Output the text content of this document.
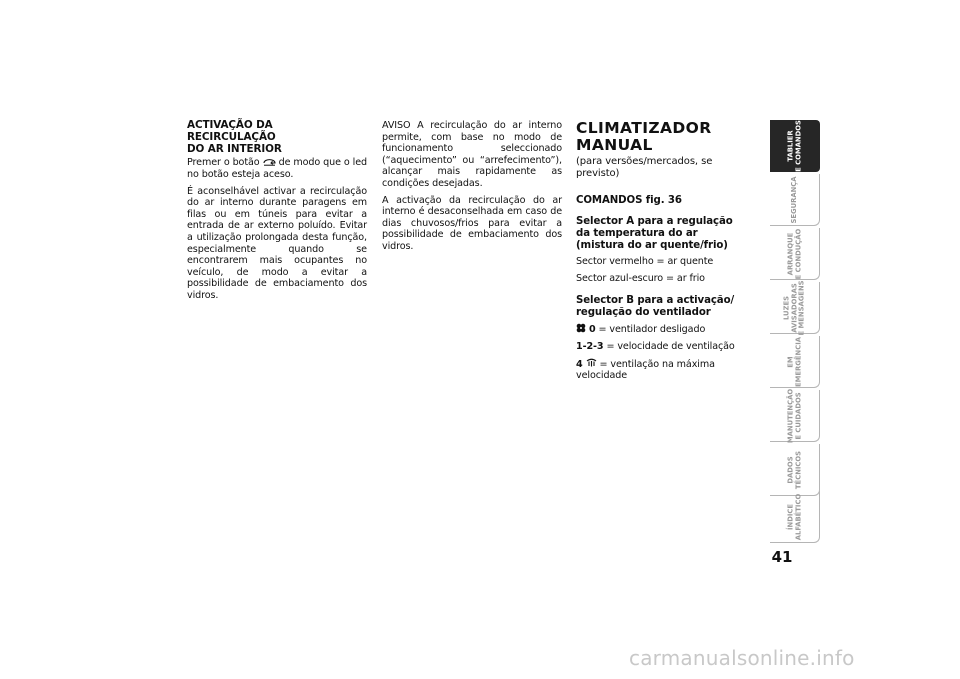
ACTIVAÇÃO DA
RECIRCULAÇÃO
DO AR INTERIOR

Premer o botão de modo que o led no botão esteja aceso.

É aconselhável activar a recirculação do ar interno durante paragens em filas ou em túneis para evitar a entrada de ar externo poluído. Evitar a utilização prolongada desta função, especialmente quando se encontrarem mais ocupantes no veículo, de modo a evitar a possibilidade de embaciamento dos vidros.

AVISO A recirculação do ar interno permite, com base no modo de funcionamento seleccionado (“aquecimento” ou “arrefecimento”), alcançar mais rapidamente as condições desejadas.

A activação da recirculação do ar interno é desaconselhada em caso de dias chuvosos/frios para evitar a possibilidade de embaciamento dos vidros.

CLIMATIZADOR
MANUAL
(para versões/mercados, se previsto)
COMANDOS fig. 36
Selector A para a regulação
da temperatura do ar
(mistura do ar quente/frio)
Sector vermelho = ar quente
Sector azul-escuro = ar frio
Selector B para a activação/
regulação do ventilador
0 = ventilador desligado
1-2-3 = velocidade de ventilação
4 = ventilação na máxima velocidade
TABLIER E COMANDOS
SEGURANÇA
ARRANQUE E CONDUÇÃO
LUZES AVISADORAS E MENSAGENS
EM EMERGÊNCIA
MANUTENÇÃO E CUIDADOS
DADOS TÉCNICOS
ÍNDICE ALFABÉTICO
41
carmanualsonline.info
